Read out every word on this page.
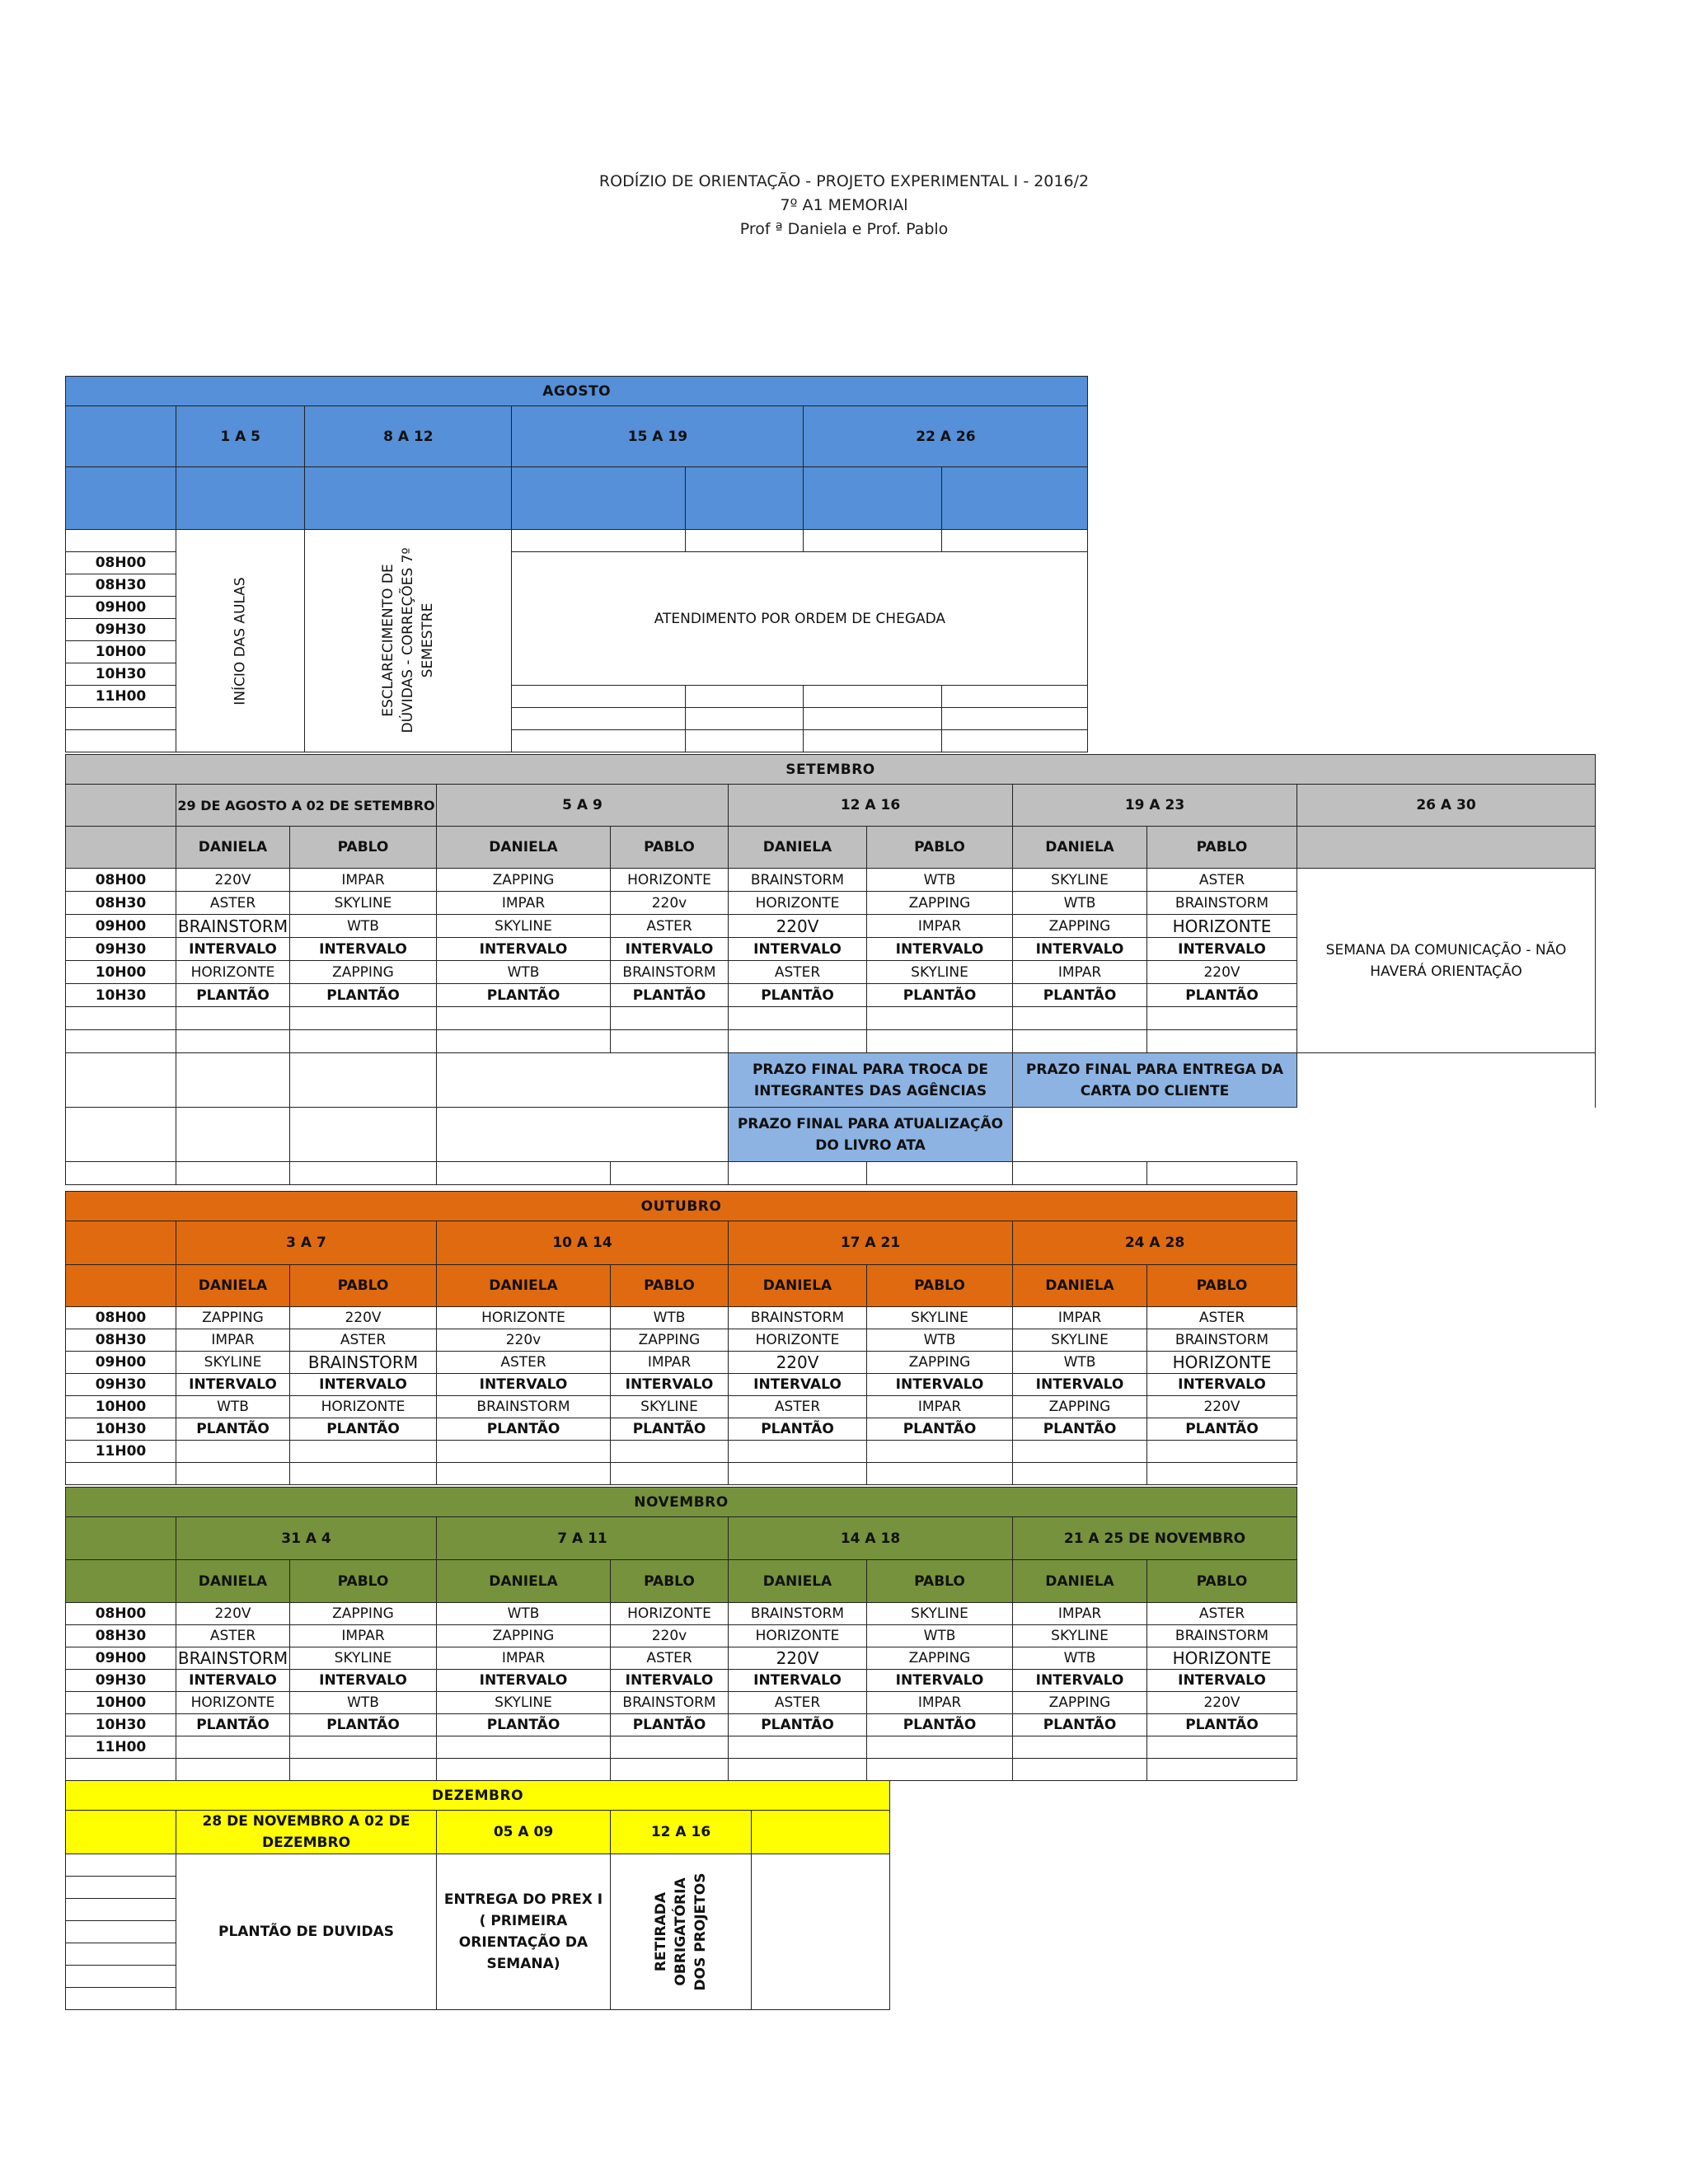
RODÍZIO DE ORIENTAÇÃO - PROJETO EXPERIMENTAL I - 2016/2
7º A1 MEMORIAl
Prof ª Daniela e Prof. Pablo
AGOSTO						
	1 A 5	8 A 12	15 A 19		22 A 26	

	INÍCIO DAS AULAS	ESCLARECIMENTO DE DÚVIDAS - CORREÇÕES 7º SEMESTRE				
08H00			ATENDIMENTO POR ORDEM DE CHEGADA			
08H30						
09H00						
09H30						
10H00						
10H30						
11H00						

SETEMBRO									
	29 DE AGOSTO A 02 DE SETEMBRO		5 A 9		12 A 16		19 A 23		26 A 30
	DANIELA	PABLO	DANIELA	PABLO	DANIELA	PABLO	DANIELA	PABLO	
08H00	220V	IMPAR	ZAPPING	HORIZONTE	BRAINSTORM	WTB	SKYLINE	ASTER	SEMANA DA COMUNICAÇÃO - NÃO HAVERÁ ORIENTAÇÃO
08H30	ASTER	SKYLINE	IMPAR	220v	HORIZONTE	ZAPPING	WTB	BRAINSTORM	
09H00	BRAINSTORM	WTB	SKYLINE	ASTER	220V	IMPAR	ZAPPING	HORIZONTE	
09H30	INTERVALO	INTERVALO	INTERVALO	INTERVALO	INTERVALO	INTERVALO	INTERVALO	INTERVALO	
10H00	HORIZONTE	ZAPPING	WTB	BRAINSTORM	ASTER	SKYLINE	IMPAR	220V	
10H30	PLANTÃO	PLANTÃO	PLANTÃO	PLANTÃO	PLANTÃO	PLANTÃO	PLANTÃO	PLANTÃO	

					PRAZO FINAL PARA TROCA DE INTEGRANTES DAS AGÊNCIAS		PRAZO FINAL PARA ENTREGA DA CARTA DO CLIENTE		
					PRAZO FINAL PARA ATUALIZAÇÃO DO LIVRO ATA				

OUTUBRO								
	3 A 7		10 A 14		17 A 21		24 A 28	
	DANIELA	PABLO	DANIELA	PABLO	DANIELA	PABLO	DANIELA	PABLO
08H00	ZAPPING	220V	HORIZONTE	WTB	BRAINSTORM	SKYLINE	IMPAR	ASTER
08H30	IMPAR	ASTER	220v	ZAPPING	HORIZONTE	WTB	SKYLINE	BRAINSTORM
09H00	SKYLINE	BRAINSTORM	ASTER	IMPAR	220V	ZAPPING	WTB	HORIZONTE
09H30	INTERVALO	INTERVALO	INTERVALO	INTERVALO	INTERVALO	INTERVALO	INTERVALO	INTERVALO
10H00	WTB	HORIZONTE	BRAINSTORM	SKYLINE	ASTER	IMPAR	ZAPPING	220V
10H30	PLANTÃO	PLANTÃO	PLANTÃO	PLANTÃO	PLANTÃO	PLANTÃO	PLANTÃO	PLANTÃO
11H00								

NOVEMBRO								
	31 A 4		7 A 11		14 A 18		21 A 25 DE NOVEMBRO	
	DANIELA	PABLO	DANIELA	PABLO	DANIELA	PABLO	DANIELA	PABLO
08H00	220V	ZAPPING	WTB	HORIZONTE	BRAINSTORM	SKYLINE	IMPAR	ASTER
08H30	ASTER	IMPAR	ZAPPING	220v	HORIZONTE	WTB	SKYLINE	BRAINSTORM
09H00	BRAINSTORM	SKYLINE	IMPAR	ASTER	220V	ZAPPING	WTB	HORIZONTE
09H30	INTERVALO	INTERVALO	INTERVALO	INTERVALO	INTERVALO	INTERVALO	INTERVALO	INTERVALO
10H00	HORIZONTE	WTB	SKYLINE	BRAINSTORM	ASTER	IMPAR	ZAPPING	220V
10H30	PLANTÃO	PLANTÃO	PLANTÃO	PLANTÃO	PLANTÃO	PLANTÃO	PLANTÃO	PLANTÃO
11H00								

DEZEMBRO				
	28 DE NOVEMBRO A 02 DE DEZEMBRO	05 A 09	12 A 16	
	PLANTÃO DE DUVIDAS	ENTREGA DO PREX I ( PRIMEIRA ORIENTAÇÃO DA SEMANA)	RETIRADA OBRIGATÓRIA DOS PROJETOS	
